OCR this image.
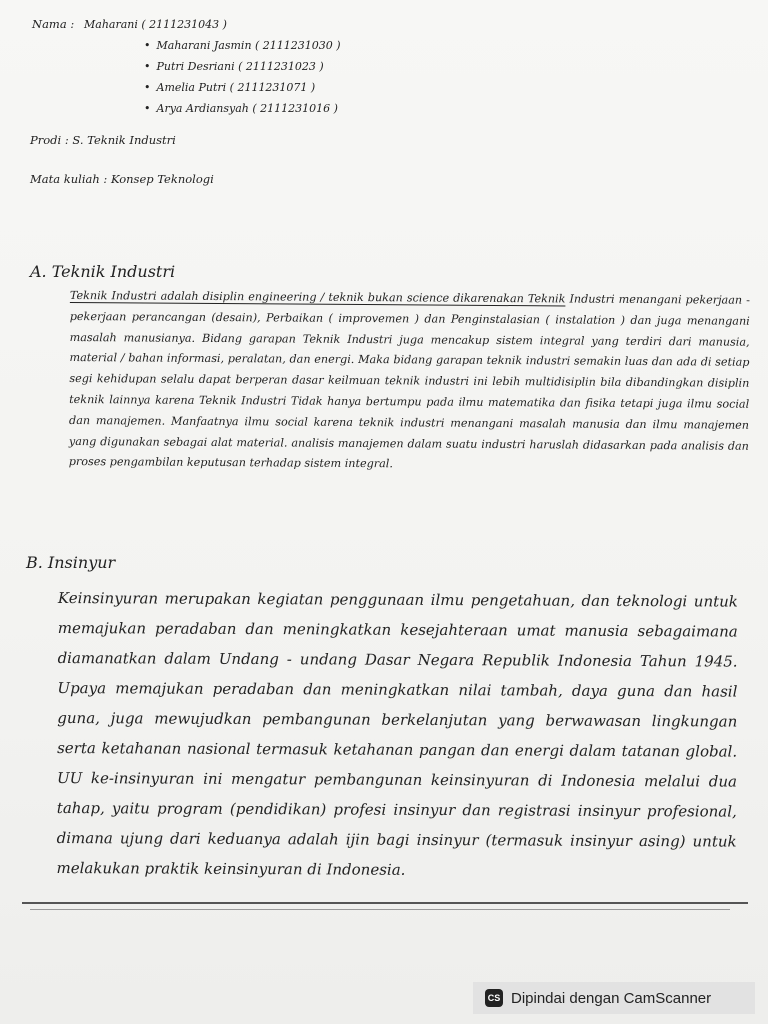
Nama : Maharani ( 2111231043 )
• Maharani Jasmin ( 2111231030 )
• Putri Desriani ( 2111231023 )
• Amelia Putri ( 2111231071 )
• Arya Ardiansyah ( 2111231016 )
Prodi : S. Teknik Industri
Mata kuliah : Konsep Teknologi
A. Teknik Industri
Teknik Industri adalah disiplin engineering / teknik bukan science dikarenakan Teknik Industri menangani pekerjaan - pekerjaan perancangan (desain), Perbaikan ( improvemen ) dan Penginstalasian ( instalation ) dan juga menangani masalah manusianya. Bidang garapan Teknik Industri juga mencakup sistem integral yang terdiri dari manusia, material / bahan informasi, peralatan, dan energi. Maka bidang garapan teknik industri semakin luas dan ada di setiap segi kehidupan selalu dapat berperan dasar keilmuan teknik industri ini lebih multidisiplin bila dibandingkan disiplin teknik lainnya karena Teknik Industri Tidak hanya bertumpu pada ilmu matematika dan fisika tetapi juga ilmu social dan manajemen. Manfaatnya ilmu social karena teknik industri menangani masalah manusia dan ilmu manajemen yang digunakan sebagai alat material. analisis manajemen dalam suatu industri haruslah didasarkan pada analisis dan proses pengambilan keputusan terhadap sistem integral.
B. Insinyur
Keinsinyuran merupakan kegiatan penggunaan ilmu pengetahuan, dan teknologi untuk memajukan peradaban dan meningkatkan kesejahteraan umat manusia sebagaimana diamanatkan dalam Undang - undang Dasar Negara Republik Indonesia Tahun 1945. Upaya memajukan peradaban dan meningkatkan nilai tambah, daya guna dan hasil guna, juga mewujudkan pembangunan berkelanjutan yang berwawasan lingkungan serta ketahanan nasional termasuk ketahanan pangan dan energi dalam tatanan global. UU ke-insinyuran ini mengatur pembangunan keinsinyuran di Indonesia melalui dua tahap, yaitu program (pendidikan) profesi insinyur dan registrasi insinyur profesional, dimana ujung dari keduanya adalah ijin bagi insinyur (termasuk insinyur asing) untuk melakukan praktik keinsinyuran di Indonesia.
CS Dipindai dengan CamScanner
